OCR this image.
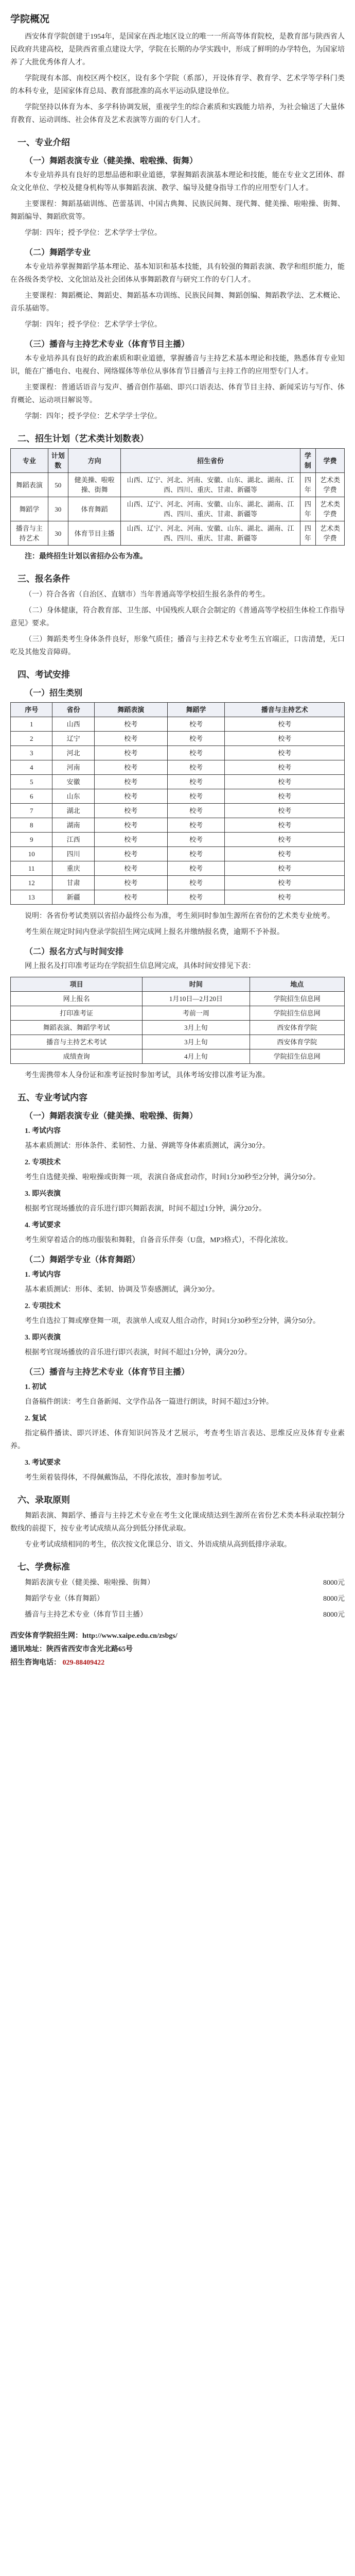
学院概况

西安体育学院创建于1954年，是国家在西北地区设立的唯一一所高等体育院校，是教育部与陕西省人民政府共建高校，是陕西省重点建设大学，学院在长期的办学实践中，形成了鲜明的办学特色，为国家培养了大批优秀体育人才。

学院现有本部、南校区两个校区，设有多个学院（系部），开设体育学、教育学、艺术学等学科门类的本科专业，是国家体育总局、教育部批准的高水平运动队建设单位。

学院坚持以体育为本、多学科协调发展，重视学生的综合素质和实践能力培养，为社会输送了大量体育教育、运动训练、社会体育及艺术表演等方面的专门人才。

一、专业介绍
（一）舞蹈表演专业（健美操、啦啦操、街舞）

本专业培养具有良好的思想品德和职业道德，掌握舞蹈表演基本理论和技能，能在专业文艺团体、群众文化单位、学校及健身机构等从事舞蹈表演、教学、编导及健身指导工作的应用型专门人才。

主要课程：舞蹈基础训练、芭蕾基训、中国古典舞、民族民间舞、现代舞、健美操、啦啦操、街舞、舞蹈编导、舞蹈欣赏等。

学制：四年；授予学位：艺术学学士学位。

（二）舞蹈学专业

本专业培养掌握舞蹈学基本理论、基本知识和基本技能，具有较强的舞蹈表演、教学和组织能力，能在各级各类学校、文化馆站及社会团体从事舞蹈教育与研究工作的专门人才。

主要课程：舞蹈概论、舞蹈史、舞蹈基本功训练、民族民间舞、舞蹈创编、舞蹈教学法、艺术概论、音乐基础等。

学制：四年；授予学位：艺术学学士学位。

（三）播音与主持艺术专业（体育节目主播）

本专业培养具有良好的政治素质和职业道德，掌握播音与主持艺术基本理论和技能，熟悉体育专业知识，能在广播电台、电视台、网络媒体等单位从事体育节目播音与主持工作的应用型专门人才。

主要课程：普通话语音与发声、播音创作基础、即兴口语表达、体育节目主持、新闻采访与写作、体育概论、运动项目解说等。

学制：四年；授予学位：艺术学学士学位。

二、招生计划（艺术类计划数表）
专业	计划数	方向	招生省份	学制	学费
舞蹈表演	50	健美操、啦啦操、街舞	山西、辽宁、河北、河南、安徽、山东、湖北、湖南、江西、四川、重庆、甘肃、新疆等	四年	艺术类学费
舞蹈学	30	体育舞蹈	山西、辽宁、河北、河南、安徽、山东、湖北、湖南、江西、四川、重庆、甘肃、新疆等	四年	艺术类学费
播音与主持艺术	30	体育节目主播	山西、辽宁、河北、河南、安徽、山东、湖北、湖南、江西、四川、重庆、甘肃、新疆等	四年	艺术类学费
注：最终招生计划以省招办公布为准。
三、报名条件

（一）符合各省（自治区、直辖市）当年普通高等学校招生报名条件的考生。

（二）身体健康，符合教育部、卫生部、中国残疾人联合会制定的《普通高等学校招生体检工作指导意见》要求。

（三）舞蹈类考生身体条件良好，形象气质佳；播音与主持艺术专业考生五官端正，口齿清楚，无口吃及其他发音障碍。

四、考试安排
（一）招生类别
序号	省份	舞蹈表演	舞蹈学	播音与主持艺术
1	山西	校考	校考	校考
2	辽宁	校考	校考	校考
3	河北	校考	校考	校考
4	河南	校考	校考	校考
5	安徽	校考	校考	校考
6	山东	校考	校考	校考
7	湖北	校考	校考	校考
8	湖南	校考	校考	校考
9	江西	校考	校考	校考
10	四川	校考	校考	校考
11	重庆	校考	校考	校考
12	甘肃	校考	校考	校考
13	新疆	校考	校考	校考

说明：各省份考试类别以省招办最终公布为准，考生须同时参加生源所在省份的艺术类专业统考。

考生须在规定时间内登录学院招生网完成网上报名并缴纳报名费，逾期不予补报。

（二）报名方式与时间安排

网上报名及打印准考证均在学院招生信息网完成，具体时间安排见下表：

项目	时间	地点
网上报名	1月10日—2月20日	学院招生信息网
打印准考证	考前一周	学院招生信息网
舞蹈表演、舞蹈学考试	3月上旬	西安体育学院
播音与主持艺术考试	3月上旬	西安体育学院
成绩查询	4月上旬	学院招生信息网

考生需携带本人身份证和准考证按时参加考试，具体考场安排以准考证为准。

五、专业考试内容
（一）舞蹈表演专业（健美操、啦啦操、街舞）
1. 考试内容

基本素质测试：形体条件、柔韧性、力量、弹跳等身体素质测试，满分30分。

2. 专项技术

考生自选健美操、啦啦操或街舞一项，表演自备成套动作，时间1分30秒至2分钟，满分50分。

3. 即兴表演

根据考官现场播放的音乐进行即兴舞蹈表演，时间不超过1分钟，满分20分。

4. 考试要求

考生须穿着适合的练功服装和舞鞋，自备音乐伴奏（U盘，MP3格式），不得化浓妆。

（二）舞蹈学专业（体育舞蹈）
1. 考试内容

基本素质测试：形体、柔韧、协调及节奏感测试，满分30分。

2. 专项技术

考生自选拉丁舞或摩登舞一项，表演单人或双人组合动作，时间1分30秒至2分钟，满分50分。

3. 即兴表演

根据考官现场播放的音乐进行即兴表演，时间不超过1分钟，满分20分。

（三）播音与主持艺术专业（体育节目主播）
1. 初试

自备稿件朗读：考生自备新闻、文学作品各一篇进行朗读，时间不超过3分钟。

2. 复试

指定稿件播读、即兴评述、体育知识问答及才艺展示，考查考生语言表达、思维反应及体育专业素养。

3. 考试要求

考生须着装得体，不得佩戴饰品，不得化浓妆，准时参加考试。

六、录取原则

舞蹈表演、舞蹈学、播音与主持艺术专业在考生文化课成绩达到生源所在省份艺术类本科录取控制分数线的前提下，按专业考试成绩从高分到低分择优录取。

专业考试成绩相同的考生，依次按文化课总分、语文、外语成绩从高到低排序录取。

七、学费标准

舞蹈表演专业（健美操、啦啦操、街舞）	8000元

舞蹈学专业（体育舞蹈）	8000元

播音与主持艺术专业（体育节目主播）	8000元

西安体育学院招生网：http://www.xaipe.edu.cn/zsbgs/
通讯地址：陕西省西安市含光北路65号
招生咨询电话： 029-88409422
